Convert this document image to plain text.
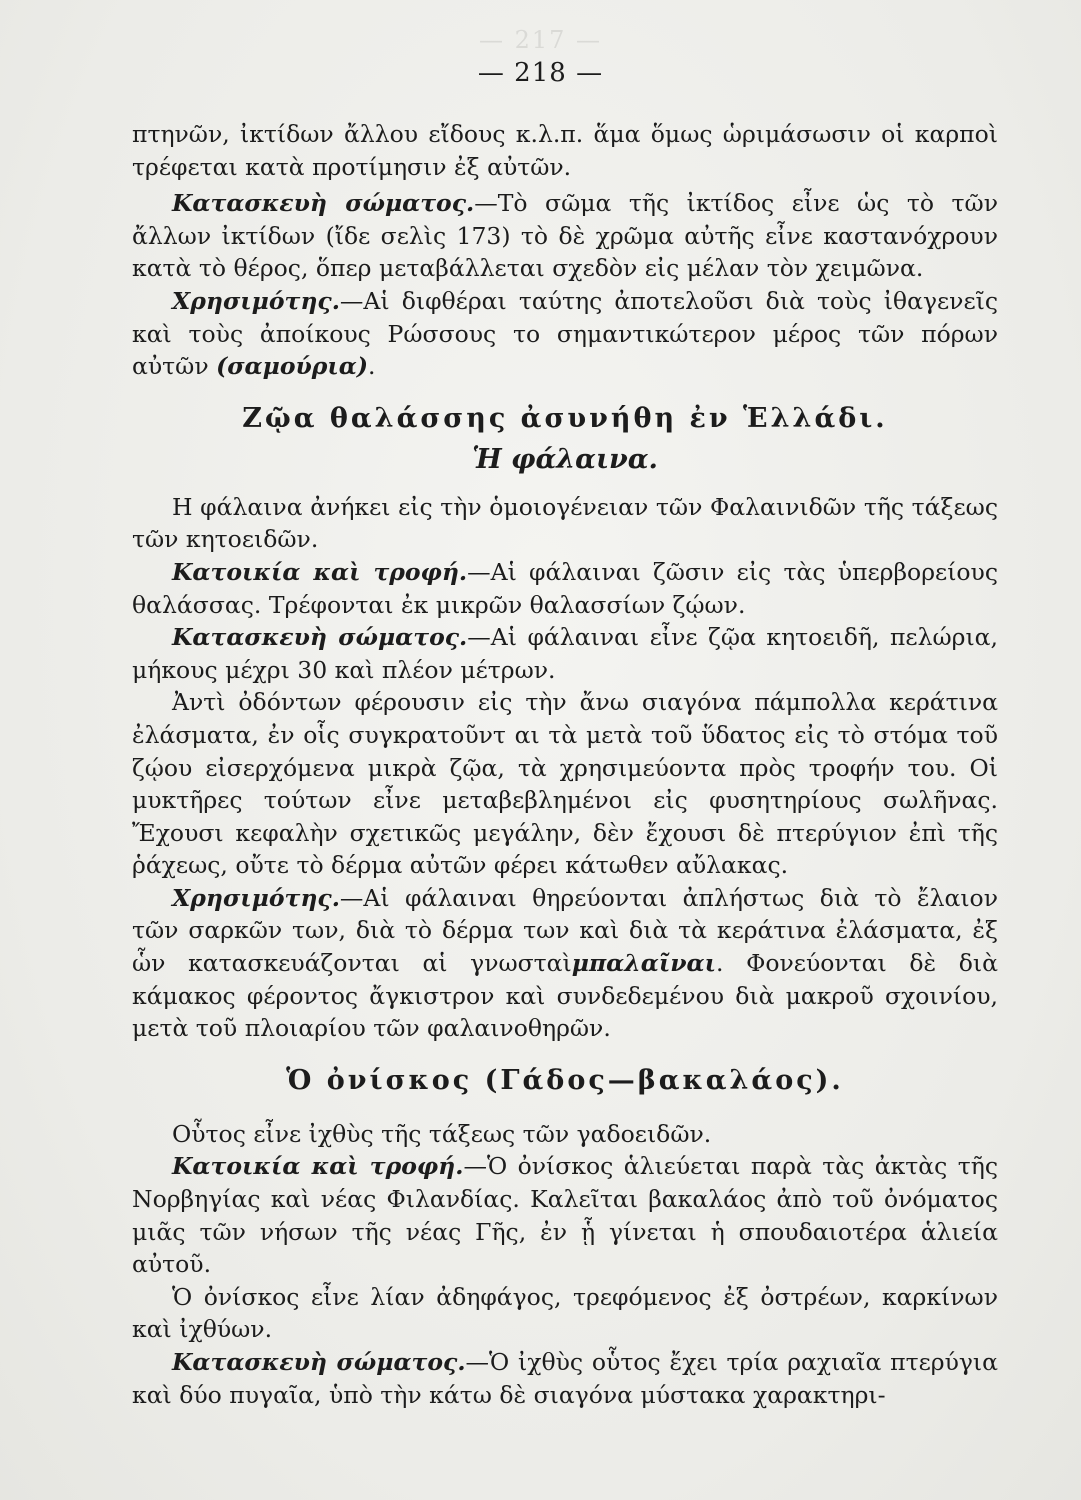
— 217 —
— 218 —

πτηνῶν, ἰκτίδων ἄλλου εἴδους κ.λ.π. ἅμα ὅμως ὡριμάσωσιν οἱ καρποὶ τρέφεται κατὰ προτίμησιν ἐξ αὐτῶν.

Κατασκευὴ σώματος.—Τὸ σῶμα τῆς ἰκτίδος εἶνε ὡς τὸ τῶν ἄλλων ἰκτίδων (ἴδε σελὶς 173) τὸ δὲ χρῶμα αὐτῆς εἶνε καστανόχρουν κατὰ τὸ θέρος, ὅπερ μεταβάλλεται σχεδὸν εἰς μέλαν τὸν χειμῶνα.

Χρησιμότης.—Αἱ διφθέραι ταύτης ἀποτελοῦσι διὰ τοὺς ἰθαγενεῖς καὶ τοὺς ἀποίκους Ρώσσους το σημαντικώτερον μέρος τῶν πόρων αὐτῶν (σαμούρια).

Ζῷα θαλάσσης ἀσυνήθη ἐν Ἑλλάδι.

Ἡ φάλαινα.

Η φάλαινα ἀνήκει εἰς τὴν ὁμοιογένειαν τῶν Φαλαινιδῶν τῆς τάξεως τῶν κητοειδῶν.

Κατοικία καὶ τροφή.—Αἱ φάλαιναι ζῶσιν εἰς τὰς ὑπερβορείους θαλάσσας. Τρέφονται ἐκ μικρῶν θαλασσίων ζῴων.

Κατασκευὴ σώματος.—Αἱ φάλαιναι εἶνε ζῷα κητοειδῆ, πελώρια, μήκους μέχρι 30 καὶ πλέον μέτρων.

Ἀντὶ ὀδόντων φέρουσιν εἰς τὴν ἄνω σιαγόνα πάμπολλα κεράτινα ἐλάσματα, ἐν οἷς συγκρατοῦντ αι τὰ μετὰ τοῦ ὕδατος εἰς τὸ στόμα τοῦ ζῴου εἰσερχόμενα μικρὰ ζῷα, τὰ χρησιμεύοντα πρὸς τροφήν του. Οἱ μυκτῆρες τούτων εἶνε μεταβεβλημένοι εἰς φυσητηρίους σωλῆνας. Ἔχουσι κεφαλὴν σχετικῶς μεγάλην, δὲν ἔχουσι δὲ πτερύγιον ἐπὶ τῆς ῥάχεως, οὔτε τὸ δέρμα αὐτῶν φέρει κάτωθεν αὔλακας.

Χρησιμότης.—Αἱ φάλαιναι θηρεύονται ἀπλήστως διὰ τὸ ἔλαιον τῶν σαρκῶν των, διὰ τὸ δέρμα των καὶ διὰ τὰ κεράτινα ἐλάσματα, ἐξ ὧν κατασκευάζονται αἱ γνωσταὶμπαλαῖναι. Φονεύονται δὲ διὰ κάμακος φέροντος ἄγκιστρον καὶ συνδεδεμένου διὰ μακροῦ σχοινίου, μετὰ τοῦ πλοιαρίου τῶν φαλαινοθηρῶν.

Ὁ ὀνίσκος (Γάδος—βακαλάος).

Οὗτος εἶνε ἰχθὺς τῆς τάξεως τῶν γαδοειδῶν.

Κατοικία καὶ τροφή.—Ὁ ὀνίσκος ἁλιεύεται παρὰ τὰς ἀκτὰς τῆς Νορβηγίας καὶ νέας Φιλανδίας. Καλεῖται βακαλάος ἀπὸ τοῦ ὀνόματος μιᾶς τῶν νήσων τῆς νέας Γῆς, ἐν ᾗ γίνεται ἡ σπουδαιοτέρα ἁλιεία αὐτοῦ.

Ὁ ὀνίσκος εἶνε λίαν ἀδηφάγος, τρεφόμενος ἐξ ὀστρέων, καρκίνων καὶ ἰχθύων.

Κατασκευὴ σώματος.—Ὁ ἰχθὺς οὗτος ἔχει τρία ραχιαῖα πτερύγια καὶ δύο πυγαῖα, ὑπὸ τὴν κάτω δὲ σιαγόνα μύστακα χαρακτηρι-
